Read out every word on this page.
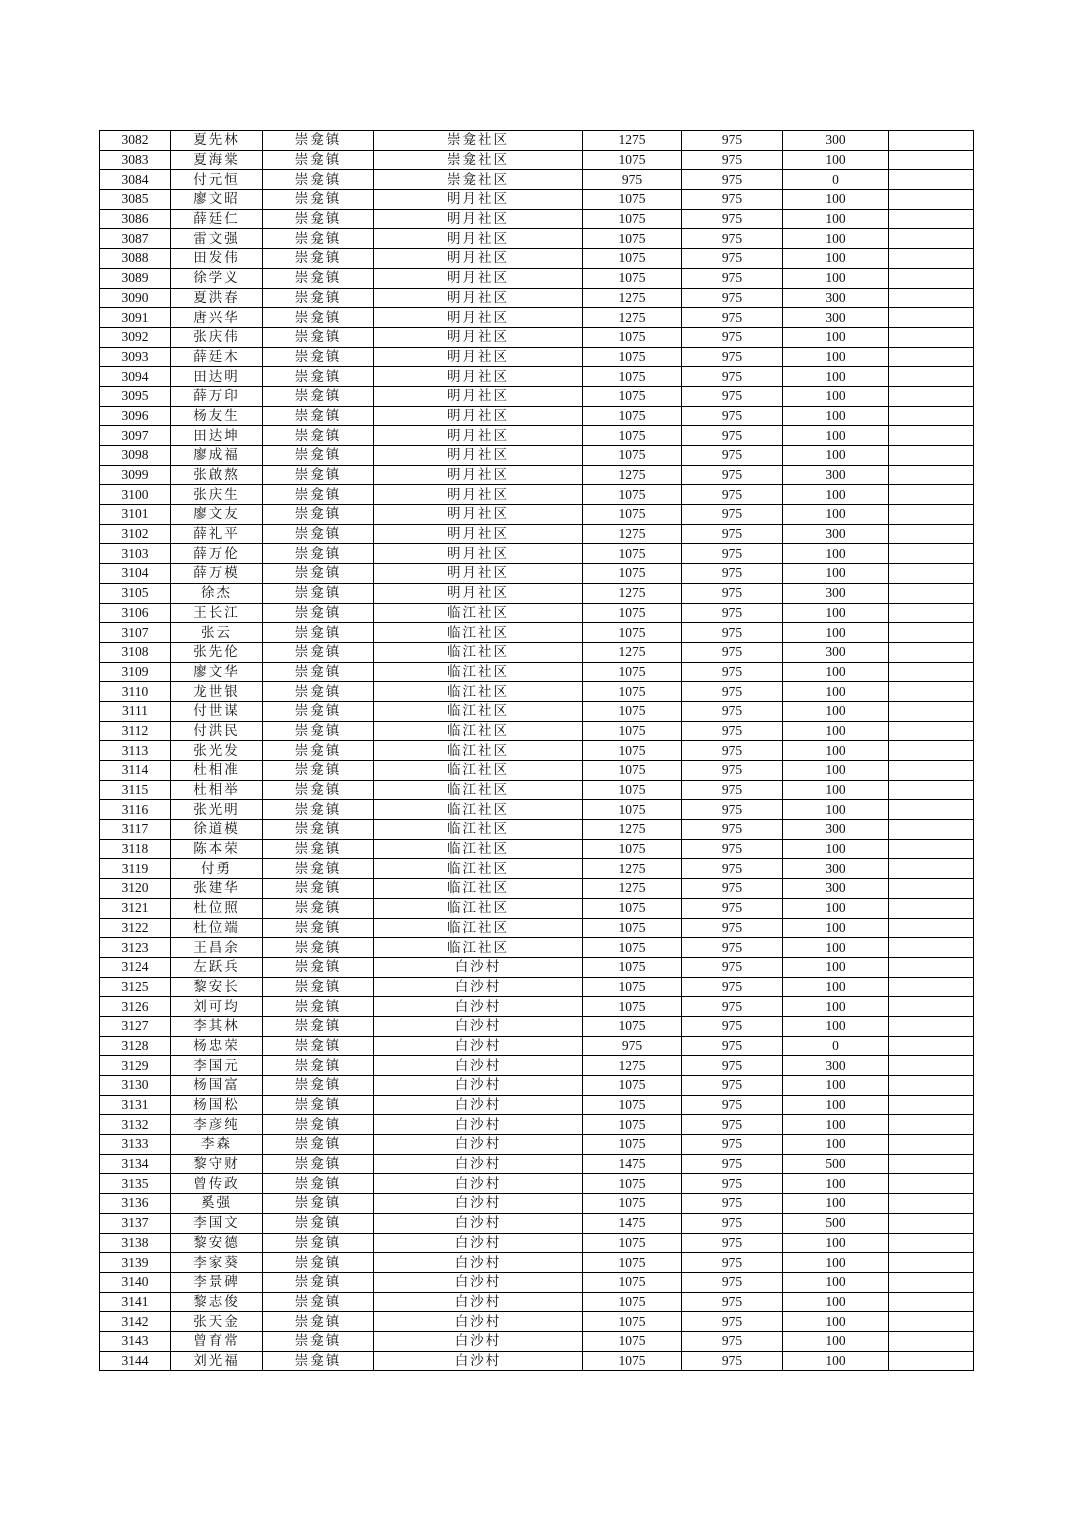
3082	夏先林	崇龛镇	崇龛社区	1275	975	300	
3083	夏海棠	崇龛镇	崇龛社区	1075	975	100	
3084	付元恒	崇龛镇	崇龛社区	975	975	0	
3085	廖文昭	崇龛镇	明月社区	1075	975	100	
3086	薛廷仁	崇龛镇	明月社区	1075	975	100	
3087	雷文强	崇龛镇	明月社区	1075	975	100	
3088	田发伟	崇龛镇	明月社区	1075	975	100	
3089	徐学义	崇龛镇	明月社区	1075	975	100	
3090	夏洪春	崇龛镇	明月社区	1275	975	300	
3091	唐兴华	崇龛镇	明月社区	1275	975	300	
3092	张庆伟	崇龛镇	明月社区	1075	975	100	
3093	薛廷木	崇龛镇	明月社区	1075	975	100	
3094	田达明	崇龛镇	明月社区	1075	975	100	
3095	薛万印	崇龛镇	明月社区	1075	975	100	
3096	杨友生	崇龛镇	明月社区	1075	975	100	
3097	田达坤	崇龛镇	明月社区	1075	975	100	
3098	廖成福	崇龛镇	明月社区	1075	975	100	
3099	张啟熬	崇龛镇	明月社区	1275	975	300	
3100	张庆生	崇龛镇	明月社区	1075	975	100	
3101	廖文友	崇龛镇	明月社区	1075	975	100	
3102	薛礼平	崇龛镇	明月社区	1275	975	300	
3103	薛万伦	崇龛镇	明月社区	1075	975	100	
3104	薛万模	崇龛镇	明月社区	1075	975	100	
3105	徐杰	崇龛镇	明月社区	1275	975	300	
3106	王长江	崇龛镇	临江社区	1075	975	100	
3107	张云	崇龛镇	临江社区	1075	975	100	
3108	张先伦	崇龛镇	临江社区	1275	975	300	
3109	廖文华	崇龛镇	临江社区	1075	975	100	
3110	龙世银	崇龛镇	临江社区	1075	975	100	
3111	付世谋	崇龛镇	临江社区	1075	975	100	
3112	付洪民	崇龛镇	临江社区	1075	975	100	
3113	张光发	崇龛镇	临江社区	1075	975	100	
3114	杜相准	崇龛镇	临江社区	1075	975	100	
3115	杜相举	崇龛镇	临江社区	1075	975	100	
3116	张光明	崇龛镇	临江社区	1075	975	100	
3117	徐道模	崇龛镇	临江社区	1275	975	300	
3118	陈本荣	崇龛镇	临江社区	1075	975	100	
3119	付勇	崇龛镇	临江社区	1275	975	300	
3120	张建华	崇龛镇	临江社区	1275	975	300	
3121	杜位照	崇龛镇	临江社区	1075	975	100	
3122	杜位端	崇龛镇	临江社区	1075	975	100	
3123	王昌余	崇龛镇	临江社区	1075	975	100	
3124	左跃兵	崇龛镇	白沙村	1075	975	100	
3125	黎安长	崇龛镇	白沙村	1075	975	100	
3126	刘可均	崇龛镇	白沙村	1075	975	100	
3127	李其林	崇龛镇	白沙村	1075	975	100	
3128	杨忠荣	崇龛镇	白沙村	975	975	0	
3129	李国元	崇龛镇	白沙村	1275	975	300	
3130	杨国富	崇龛镇	白沙村	1075	975	100	
3131	杨国松	崇龛镇	白沙村	1075	975	100	
3132	李彦纯	崇龛镇	白沙村	1075	975	100	
3133	李森	崇龛镇	白沙村	1075	975	100	
3134	黎守财	崇龛镇	白沙村	1475	975	500	
3135	曾传政	崇龛镇	白沙村	1075	975	100	
3136	奚强	崇龛镇	白沙村	1075	975	100	
3137	李国文	崇龛镇	白沙村	1475	975	500	
3138	黎安德	崇龛镇	白沙村	1075	975	100	
3139	李家葵	崇龛镇	白沙村	1075	975	100	
3140	李景碑	崇龛镇	白沙村	1075	975	100	
3141	黎志俊	崇龛镇	白沙村	1075	975	100	
3142	张天金	崇龛镇	白沙村	1075	975	100	
3143	曾育常	崇龛镇	白沙村	1075	975	100	
3144	刘光福	崇龛镇	白沙村	1075	975	100	
